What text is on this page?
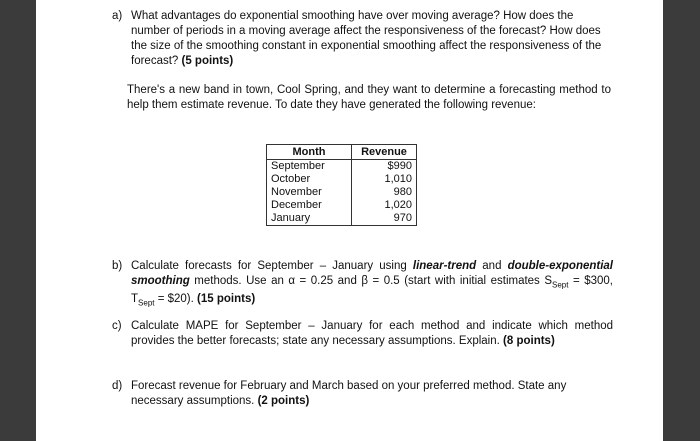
a) What advantages do exponential smoothing have over moving average? How does the number of periods in a moving average affect the responsiveness of the forecast? How does the size of the smoothing constant in exponential smoothing affect the responsiveness of the forecast? (5 points)
There's a new band in town, Cool Spring, and they want to determine a forecasting method to help them estimate revenue. To date they have generated the following revenue:
Month	Revenue
September	$990
October	1,010
November	980
December	1,020
January	970
b) Calculate forecasts for September – January using linear-trend and double-exponential smoothing methods. Use an α = 0.25 and β = 0.5 (start with initial estimates $S_{Sept}$ = $300, $T_{Sept}$ = $20). (15 points)
c) Calculate MAPE for September – January for each method and indicate which method provides the better forecasts; state any necessary assumptions. Explain. (8 points)
d) Forecast revenue for February and March based on your preferred method. State any necessary assumptions. (2 points)
